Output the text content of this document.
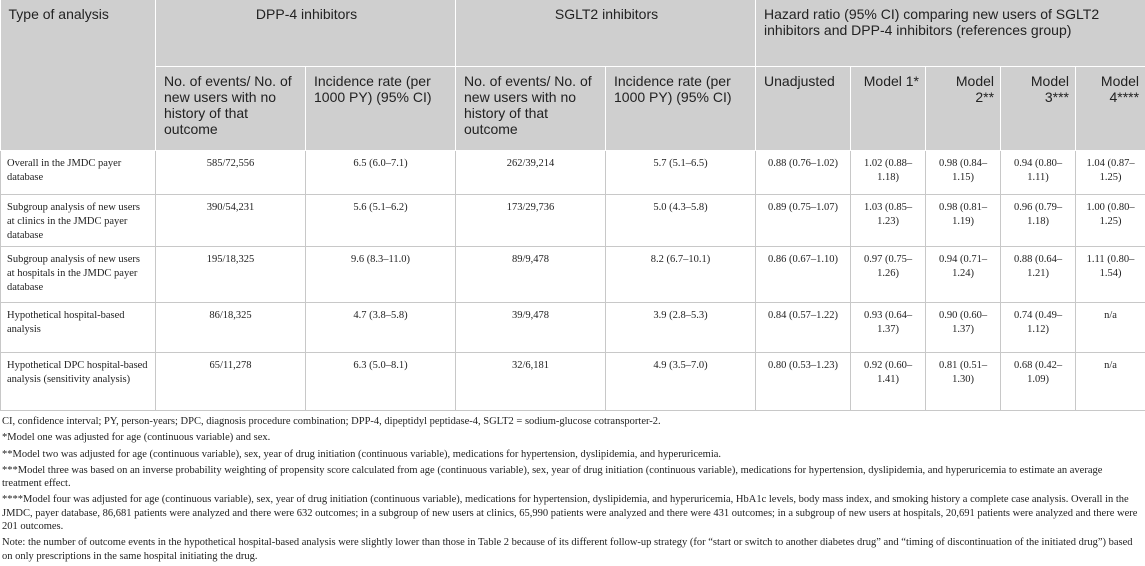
Type of analysis	DPP-4 inhibitors		SGLT2 inhibitors		Hazard ratio (95% CI) comparing new users of SGLT2 inhibitors and DPP-4 inhibitors (references group)				
	No. of events/ No. of new users with no history of that outcome	Incidence rate (per 1000 PY) (95% CI)	No. of events/ No. of new users with no history of that outcome	Incidence rate (per 1000 PY) (95% CI)	Unadjusted	Model 1*	Model 2**	Model 3***	Model 4****
Overall in the JMDC payer database	585/72,556	6.5 (6.0–7.1)	262/39,214	5.7 (5.1–6.5)	0.88 (0.76–1.02)	1.02 (0.88–1.18)	0.98 (0.84–1.15)	0.94 (0.80–1.11)	1.04 (0.87–1.25)
Subgroup analysis of new users at clinics in the JMDC payer database	390/54,231	5.6 (5.1–6.2)	173/29,736	5.0 (4.3–5.8)	0.89 (0.75–1.07)	1.03 (0.85–1.23)	0.98 (0.81–1.19)	0.96 (0.79–1.18)	1.00 (0.80–1.25)
Subgroup analysis of new users at hospitals in the JMDC payer database	195/18,325	9.6 (8.3–11.0)	89/9,478	8.2 (6.7–10.1)	0.86 (0.67–1.10)	0.97 (0.75–1.26)	0.94 (0.71–1.24)	0.88 (0.64–1.21)	1.11 (0.80–1.54)
Hypothetical hospital-based analysis	86/18,325	4.7 (3.8–5.8)	39/9,478	3.9 (2.8–5.3)	0.84 (0.57–1.22)	0.93 (0.64–1.37)	0.90 (0.60–1.37)	0.74 (0.49–1.12)	n/a
Hypothetical DPC hospital-based analysis (sensitivity analysis)	65/11,278	6.3 (5.0–8.1)	32/6,181	4.9 (3.5–7.0)	0.80 (0.53–1.23)	0.92 (0.60–1.41)	0.81 (0.51–1.30)	0.68 (0.42–1.09)	n/a

CI, confidence interval; PY, person-years; DPC, diagnosis procedure combination; DPP-4, dipeptidyl peptidase-4, SGLT2 = sodium-glucose cotransporter-2.

*Model one was adjusted for age (continuous variable) and sex.

**Model two was adjusted for age (continuous variable), sex, year of drug initiation (continuous variable), medications for hypertension, dyslipidemia, and hyperuricemia.

***Model three was based on an inverse probability weighting of propensity score calculated from age (continuous variable), sex, year of drug initiation (continuous variable), medications for hypertension, dyslipidemia, and hyperuricemia to estimate an average treatment effect.

****Model four was adjusted for age (continuous variable), sex, year of drug initiation (continuous variable), medications for hypertension, dyslipidemia, and hyperuricemia, HbA1c levels, body mass index, and smoking history a complete case analysis. Overall in the JMDC, payer database, 86,681 patients were analyzed and there were 632 outcomes; in a subgroup of new users at clinics, 65,990 patients were analyzed and there were 431 outcomes; in a subgroup of new users at hospitals, 20,691 patients were analyzed and there were 201 outcomes.

Note: the number of outcome events in the hypothetical hospital-based analysis were slightly lower than those in Table 2 because of its different follow-up strategy (for “start or switch to another diabetes drug” and “timing of discontinuation of the initiated drug”) based on only prescriptions in the same hospital initiating the drug.
